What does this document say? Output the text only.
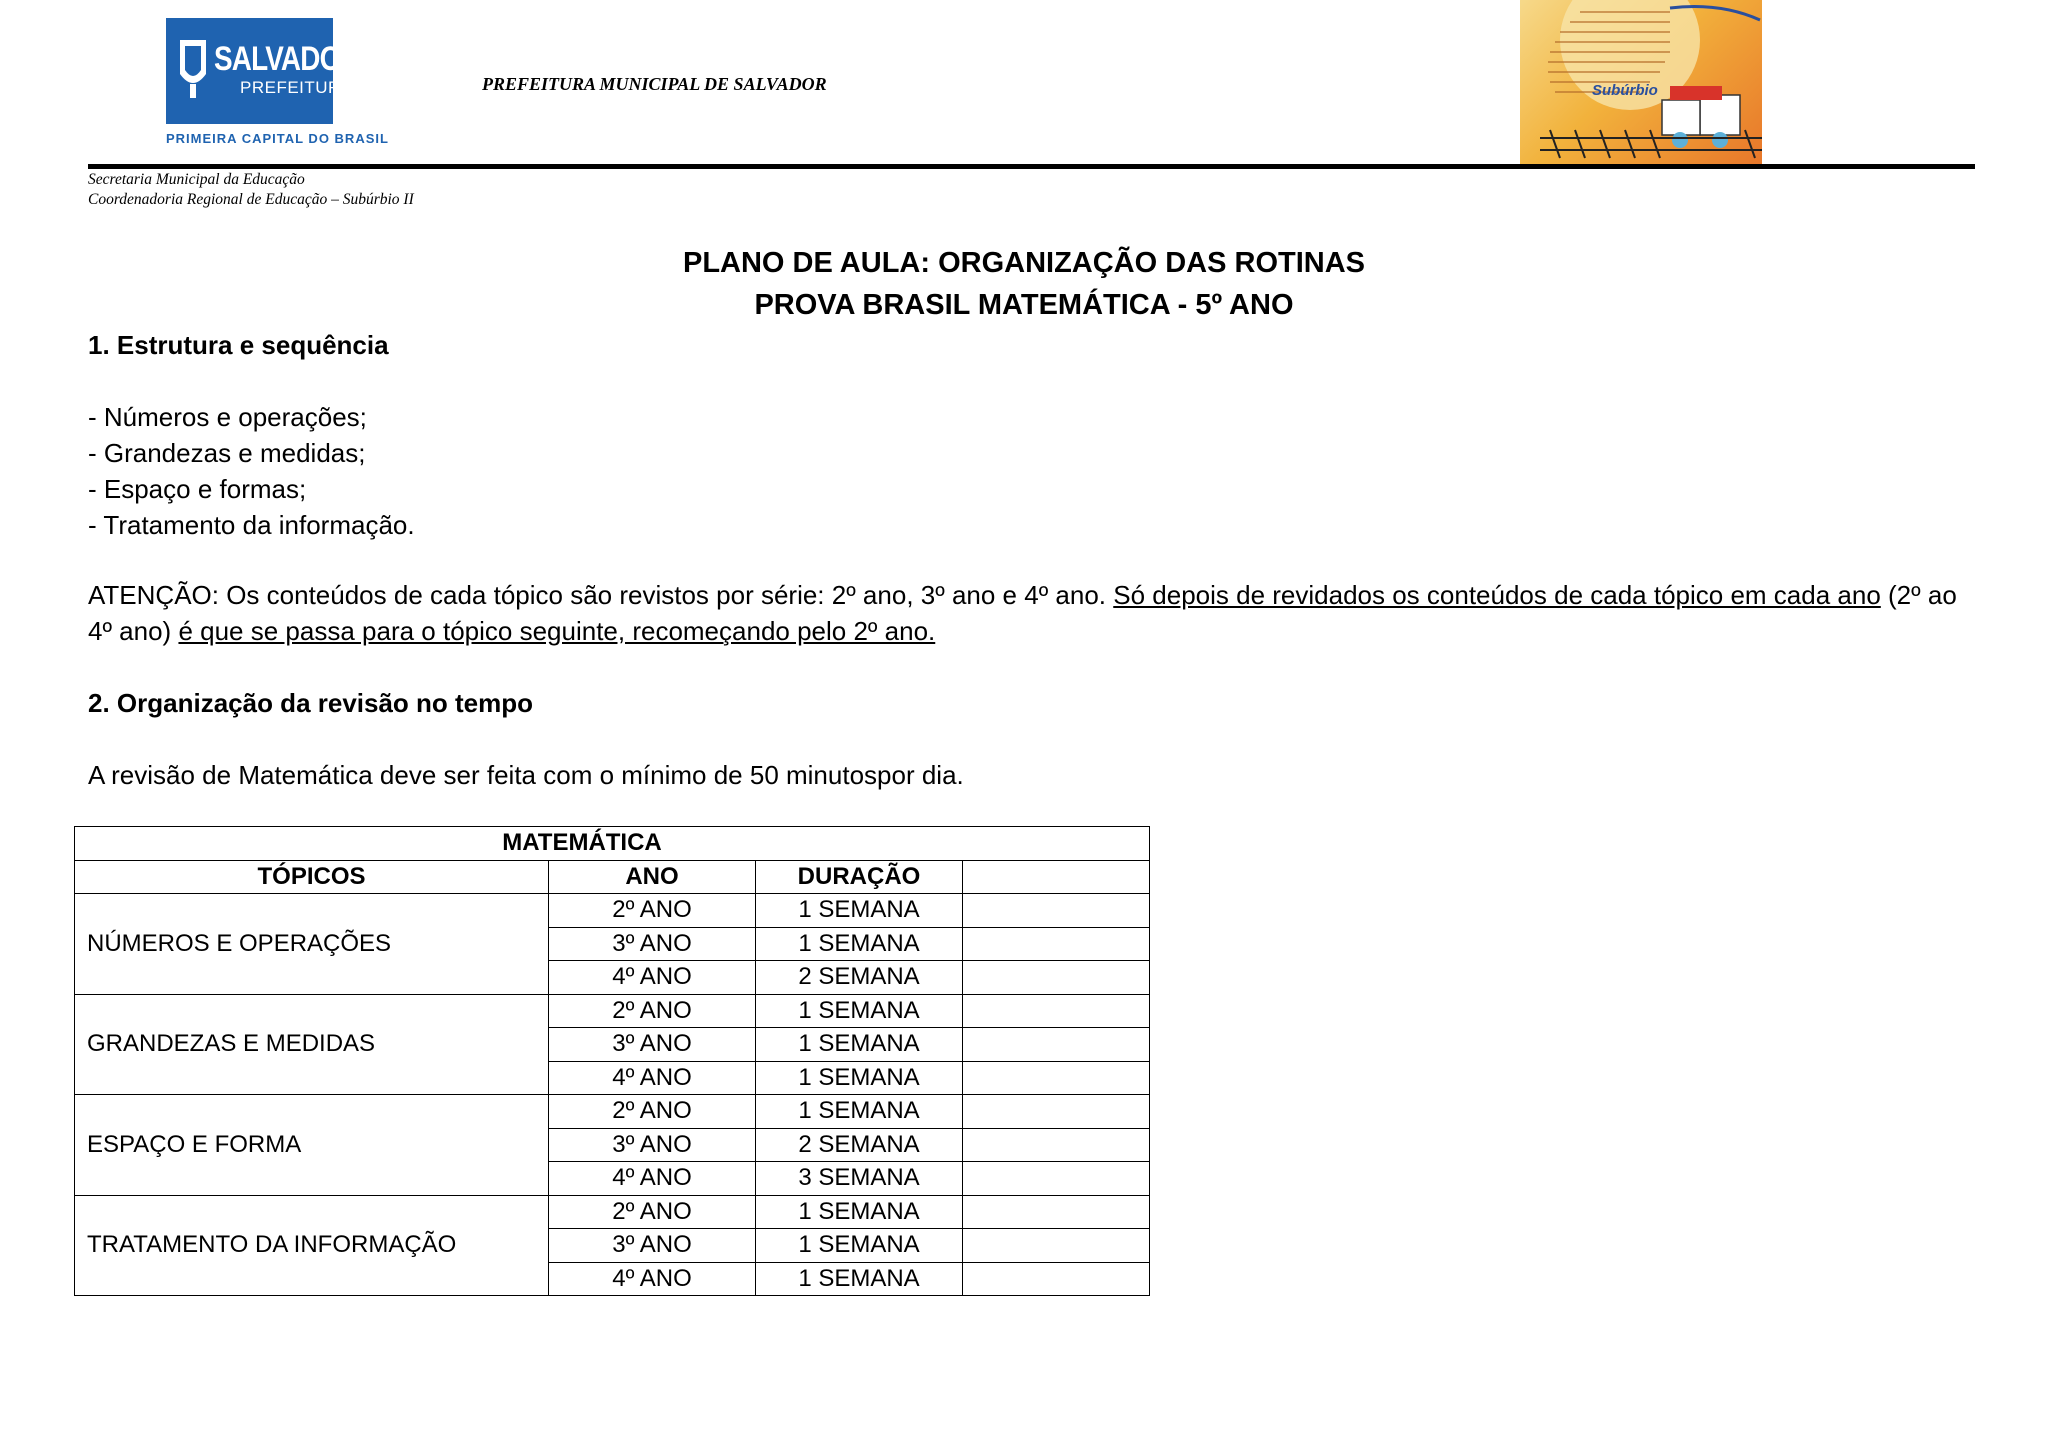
SALVADOR
PREFEITURA
PRIMEIRA CAPITAL DO BRASIL
PREFEITURA MUNICIPAL DE SALVADOR	Subúrbio
Secretaria Municipal da Educação
Coordenadoria Regional de Educação – Subúrbio II
PLANO DE AULA: ORGANIZAÇÃO DAS ROTINAS
PROVA BRASIL MATEMÁTICA - 5º ANO
1. Estrutura e sequência
- Números e operações;
- Grandezas e medidas;
- Espaço e formas;
- Tratamento da informação.
ATENÇÃO: Os conteúdos de cada tópico são revistos por série: 2º ano, 3º ano e 4º ano. Só depois de revidados os conteúdos de cada tópico em cada ano (2º ao 4º ano) é que se passa para o tópico seguinte, recomeçando pelo 2º ano.
2. Organização da revisão no tempo
A revisão de Matemática deve ser feita com o mínimo de 50 minutospor dia.
MATEMÁTICA			
TÓPICOS	ANO	DURAÇÃO	
NÚMEROS E OPERAÇÕES	2º ANO	1 SEMANA	
	3º ANO	1 SEMANA	
	4º ANO	2 SEMANA	
GRANDEZAS E MEDIDAS	2º ANO	1 SEMANA	
	3º ANO	1 SEMANA	
	4º ANO	1 SEMANA	
ESPAÇO E FORMA	2º ANO	1 SEMANA	
	3º ANO	2 SEMANA	
	4º ANO	3 SEMANA	
TRATAMENTO DA INFORMAÇÃO	2º ANO	1 SEMANA	
	3º ANO	1 SEMANA	
	4º ANO	1 SEMANA	
